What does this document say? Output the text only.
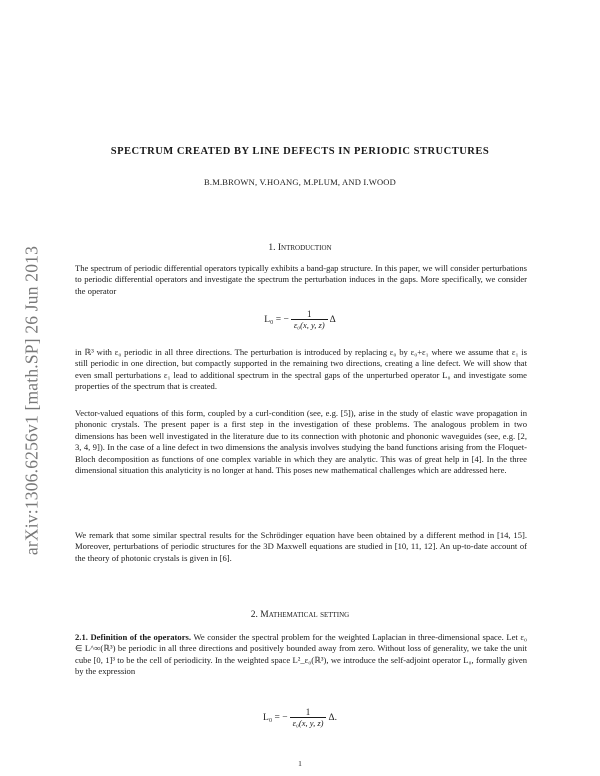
arXiv:1306.6256v1 [math.SP] 26 Jun 2013
SPECTRUM CREATED BY LINE DEFECTS IN PERIODIC STRUCTURES
B.M.BROWN, V.HOANG, M.PLUM, AND I.WOOD
1. Introduction

The spectrum of periodic differential operators typically exhibits a band-gap structure. In this paper, we will consider perturbations to periodic differential operators and investigate the spectrum the perturbation induces in the gaps. More specifically, we consider the operator

L₀ = − $\frac{1}{\text{ε₀(x, y, z)}}$ Δ

in ℝ³ with ε₀ periodic in all three directions. The perturbation is introduced by replacing ε₀ by ε₀+ε₁ where we assume that ε₁ is still periodic in one direction, but compactly supported in the remaining two directions, creating a line defect. We will show that even small perturbations ε₁ lead to additional spectrum in the spectral gaps of the unperturbed operator L₀ and investigate some properties of the spectrum that is created.

Vector-valued equations of this form, coupled by a curl-condition (see, e.g. [5]), arise in the study of elastic wave propagation in phononic crystals. The present paper is a first step in the investigation of these problems. The analogous problem in two dimensions has been well investigated in the literature due to its connection with photonic and phononic waveguides (see, e.g. [2, 3, 4, 9]). In the case of a line defect in two dimensions the analysis involves studying the band functions arising from the Floquet-Bloch decomposition as functions of one complex variable in which they are analytic. This was of great help in [4]. In the three dimensional situation this analyticity is no longer at hand. This poses new mathematical challenges which are addressed here.

We remark that some similar spectral results for the Schrödinger equation have been obtained by a different method in [14, 15]. Moreover, perturbations of periodic structures for the 3D Maxwell equations are studied in [10, 11, 12]. An up-to-date account of the theory of photonic crystals is given in [6].

2. Mathematical setting

2.1. Definition of the operators. We consider the spectral problem for the weighted Laplacian in three-dimensional space. Let ε₀ ∈ L^∞(ℝ³) be periodic in all three directions and positively bounded away from zero. Without loss of generality, we take the unit cube [0, 1]³ to be the cell of periodicity. In the weighted space L²_ε₀(ℝ³), we introduce the self-adjoint operator L₀, formally given by the expression

L₀ = − $\frac{1}{\text{ε₀(x, y, z)}} \Delta$.
1
